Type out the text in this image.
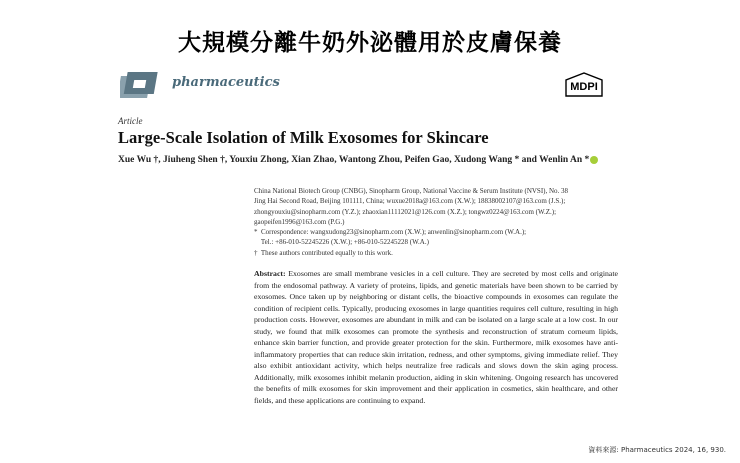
大規模分離牛奶外泌體用於皮膚保養
pharmaceutics	MDPI
Article
Large-Scale Isolation of Milk Exosomes for Skincare
Xue Wu †, Jiuheng Shen †, Youxiu Zhong, Xian Zhao, Wantong Zhou, Peifen Gao, Xudong Wang * and Wenlin An *

China National Biotech Group (CNBG), Sinopharm Group, National Vaccine & Serum Institute (NVSI), No. 38

Jing Hai Second Road, Beijing 101111, China; wuxue2018a@163.com (X.W.); 18838002107@163.com (J.S.);

zhongyouxiu@sinopharm.com (Y.Z.); zhaoxian11112021@126.com (X.Z.); tongwz0224@163.com (W.Z.);

gaopeifen1996@163.com (P.G.)

*  Correspondence: wangxudong23@sinopharm.com (X.W.); anwenlin@sinopharm.com (W.A.);

Tel.: +86-010-52245226 (X.W.); +86-010-52245228 (W.A.)

†  These authors contributed equally to this work.

Abstract: Exosomes are small membrane vesicles in a cell culture. They are secreted by most cells and originate from the endosomal pathway. A variety of proteins, lipids, and genetic materials have been shown to be carried by exosomes. Once taken up by neighboring or distant cells, the bioactive compounds in exosomes can regulate the condition of recipient cells. Typically, producing exosomes in large quantities requires cell culture, resulting in high production costs. However, exosomes are abundant in milk and can be isolated on a large scale at a low cost. In our study, we found that milk exosomes can promote the synthesis and reconstruction of stratum corneum lipids, enhance skin barrier function, and provide greater protection for the skin. Furthermore, milk exosomes have anti-inflammatory properties that can reduce skin irritation, redness, and other symptoms, giving immediate relief. They also exhibit antioxidant activity, which helps neutralize free radicals and slows down the skin aging process. Additionally, milk exosomes inhibit melanin production, aiding in skin whitening. Ongoing research has uncovered the benefits of milk exosomes for skin improvement and their application in cosmetics, skin healthcare, and other fields, and these applications are continuing to expand.
資料來源: Pharmaceutics 2024, 16, 930.
